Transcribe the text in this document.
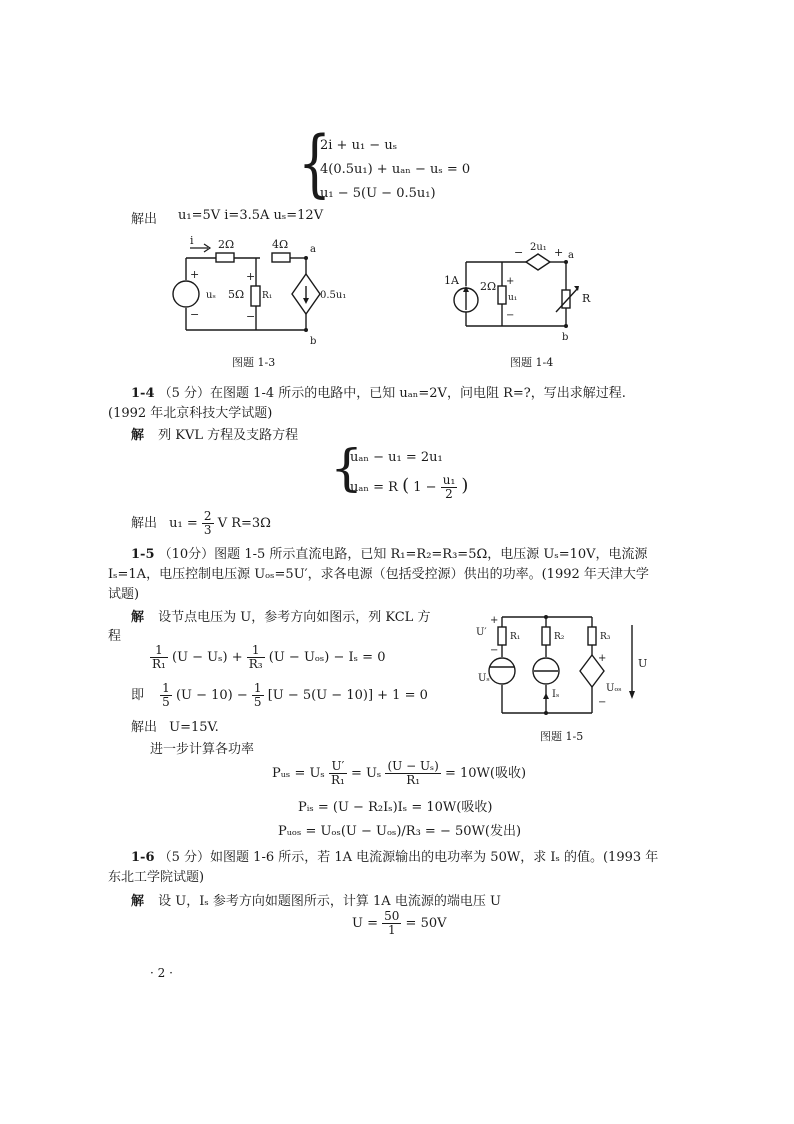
{
2i + u₁ − uₛ
4(0.5u₁) + uₐₙ − uₛ = 0
u₁ − 5(U − 0.5u₁)
解出 u₁=5V i=3.5A uₛ=12V
i 2Ω	4Ω
5Ω R₁
uₛ	0.5u₁
a
b
+
−
+
−
图题 1-3
1A 2Ω
u₁
2u₁
R
a
b
+
−
+
−
图题 1-4
1-4 （5 分）在图题 1-4 所示的电路中，已知 uₐₙ=2V，问电阻 R=?，写出求解过程.
(1992 年北京科技大学试题)
解 列 KVL 方程及支路方程
{
uₐₙ − u₁ = 2u₁
uₐₙ = R ( $1 - \frac{\text{u₁}}{2}$ )
解出 $u_1 = \frac{2}{3}$ V R=3Ω
1-5 （10分）图题 1-5 所示直流电路，已知 R₁=R₂=R₃=5Ω，电压源 Uₛ=10V，电流源
Iₛ=1A，电压控制电压源 Uₒₛ=5U′，求各电源（包括受控源）供出的功率。(1992 年天津大学
试题)
解 设节点电压为 U，参考方向如图示，列 KCL 方
程
$\frac{1}{\text{R₁}} (U - U_s) + \frac{1}{\text{R₃}} (U - U_{os}) - I_s = 0$
即 $\frac{1}{5} (U - 10) - \frac{1}{5} [U - 5(U - 10)] + 1 = 0$
解出 U=15V.
进一步计算各功率
Pᵤₛ = Uₛ $\frac{U'}{\text{R₁}} = U_s \frac{\text{(U − Uₛ)}}{\text{R₁}} = 10W$(吸收)
Pᵢₛ = (U − R₂Iₛ)Iₛ = 10W(吸收)
Pᵤₒₛ = Uₒₛ(U − Uₒₛ)/R₃ = − 50W(发出)
U′	R₁	R₂	R₃
Uₛ
Iₛ
Uₒₛ
U
+
−
+
−
图题 1-5
1-6 （5 分）如图题 1-6 所示，若 1A 电流源输出的电功率为 50W，求 Iₛ 的值。(1993 年
东北工学院试题)
解 设 U，Iₛ 参考方向如题图所示，计算 1A 电流源的端电压 U
$U = \frac{50}{1} = 50V$
· 2 ·
